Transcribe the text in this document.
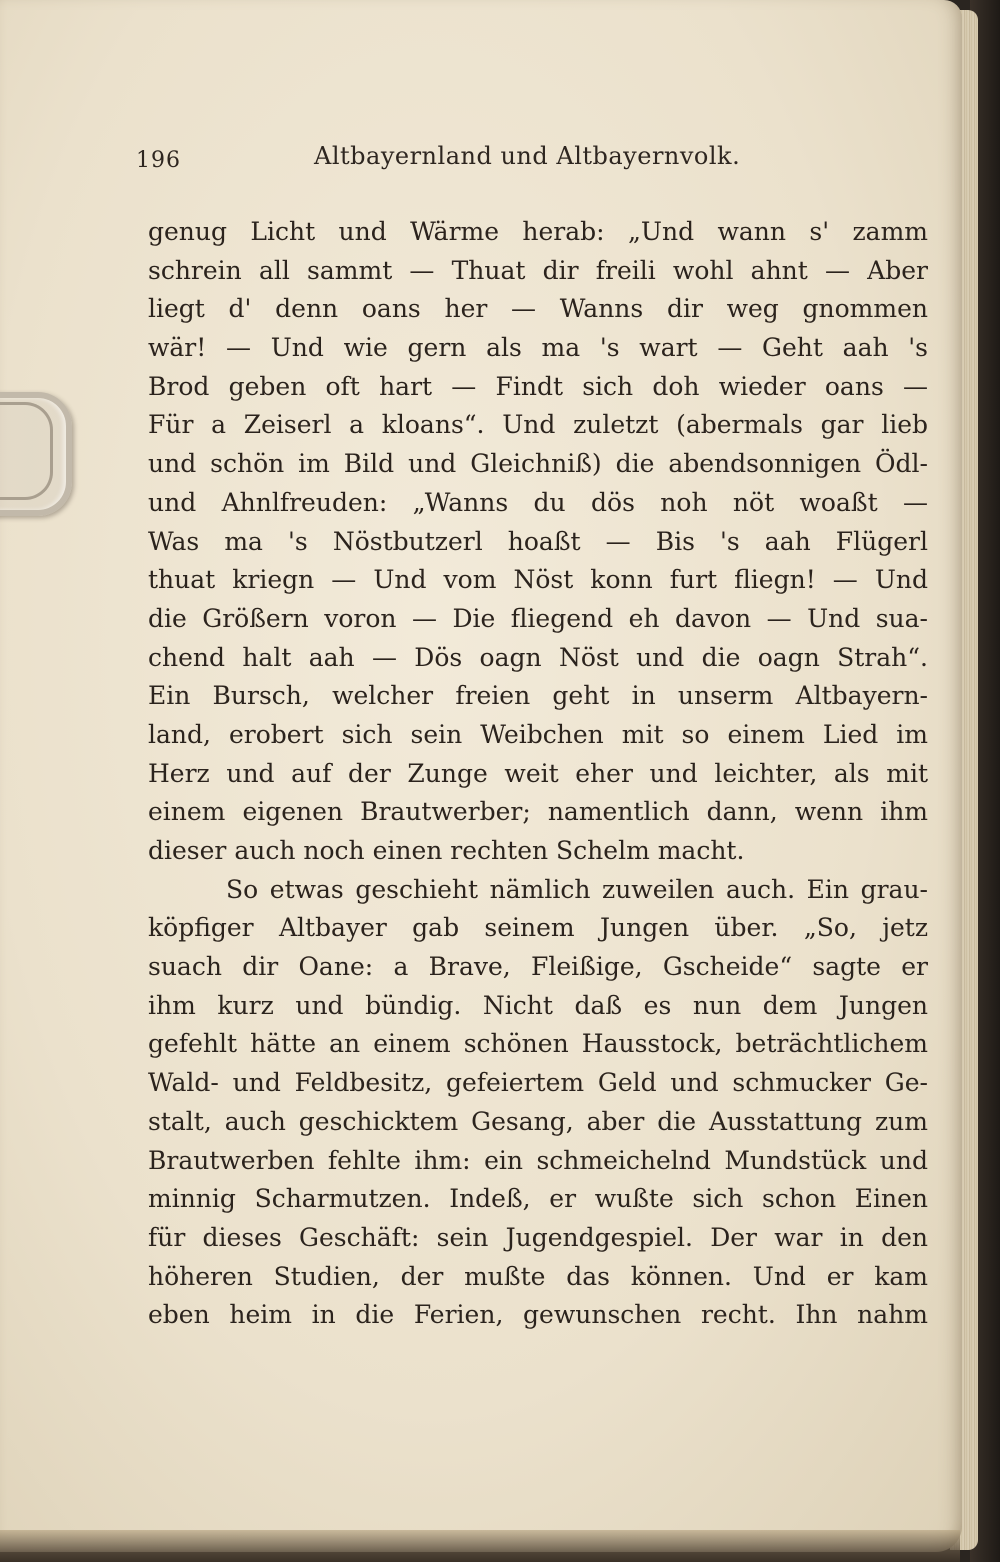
196	Altbayernland und Altbayernvolk.
genug Licht und Wärme herab: „Und wann s' zamm
schrein all sammt — Thuat dir freili wohl ahnt — Aber
liegt d' denn oans her — Wanns dir weg gnommen
wär! — Und wie gern als ma 's wart — Geht aah 's
Brod geben oft hart — Findt sich doh wieder oans —
Für a Zeiserl a kloans“. Und zuletzt (abermals gar lieb
und schön im Bild und Gleichniß) die abendsonnigen Ödl-
und Ahnlfreuden: „Wanns du dös noh nöt woaßt —
Was ma 's Nöstbutzerl hoaßt — Bis 's aah Flügerl
thuat kriegn — Und vom Nöst konn furt fliegn! — Und
die Größern voron — Die fliegend eh davon — Und sua-
chend halt aah — Dös oagn Nöst und die oagn Strah“.
Ein Bursch, welcher freien geht in unserm Altbayern-
land, erobert sich sein Weibchen mit so einem Lied im
Herz und auf der Zunge weit eher und leichter, als mit
einem eigenen Brautwerber; namentlich dann, wenn ihm
dieser auch noch einen rechten Schelm macht.
So etwas geschieht nämlich zuweilen auch. Ein grau-
köpfiger Altbayer gab seinem Jungen über. „So, jetz
suach dir Oane: a Brave, Fleißige, Gscheide“ sagte er
ihm kurz und bündig. Nicht daß es nun dem Jungen
gefehlt hätte an einem schönen Hausstock, beträchtlichem
Wald- und Feldbesitz, gefeiertem Geld und schmucker Ge-
stalt, auch geschicktem Gesang, aber die Ausstattung zum
Brautwerben fehlte ihm: ein schmeichelnd Mundstück und
minnig Scharmutzen. Indeß, er wußte sich schon Einen
für dieses Geschäft: sein Jugendgespiel. Der war in den
höheren Studien, der mußte das können. Und er kam
eben heim in die Ferien, gewunschen recht. Ihn nahm
